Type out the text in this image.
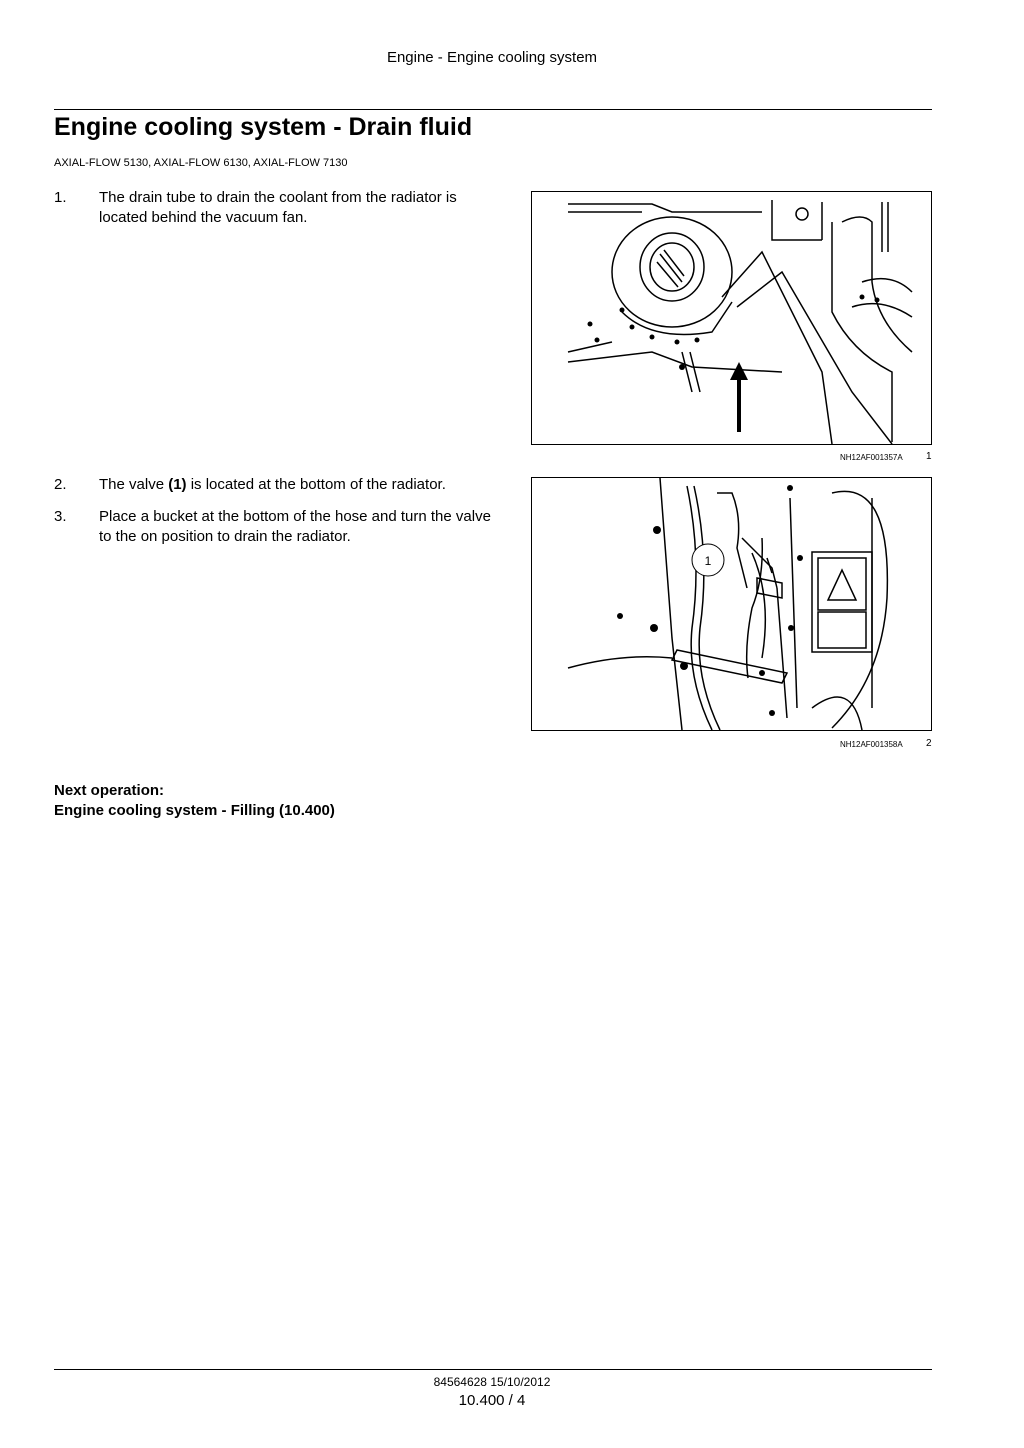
Engine - Engine cooling system
Engine cooling system - Drain fluid
AXIAL-FLOW 5130, AXIAL-FLOW 6130, AXIAL-FLOW 7130
1. The drain tube to drain the coolant from the radiator is located behind the vacuum fan.
NH12AF001357A 1
2. The valve (1) is located at the bottom of the radiator.
3. Place a bucket at the bottom of the hose and turn the valve to the on position to drain the radiator.
1
NH12AF001358A 2
Next operation:
Engine cooling system - Filling (10.400)
84564628 15/10/2012
10.400 / 4
